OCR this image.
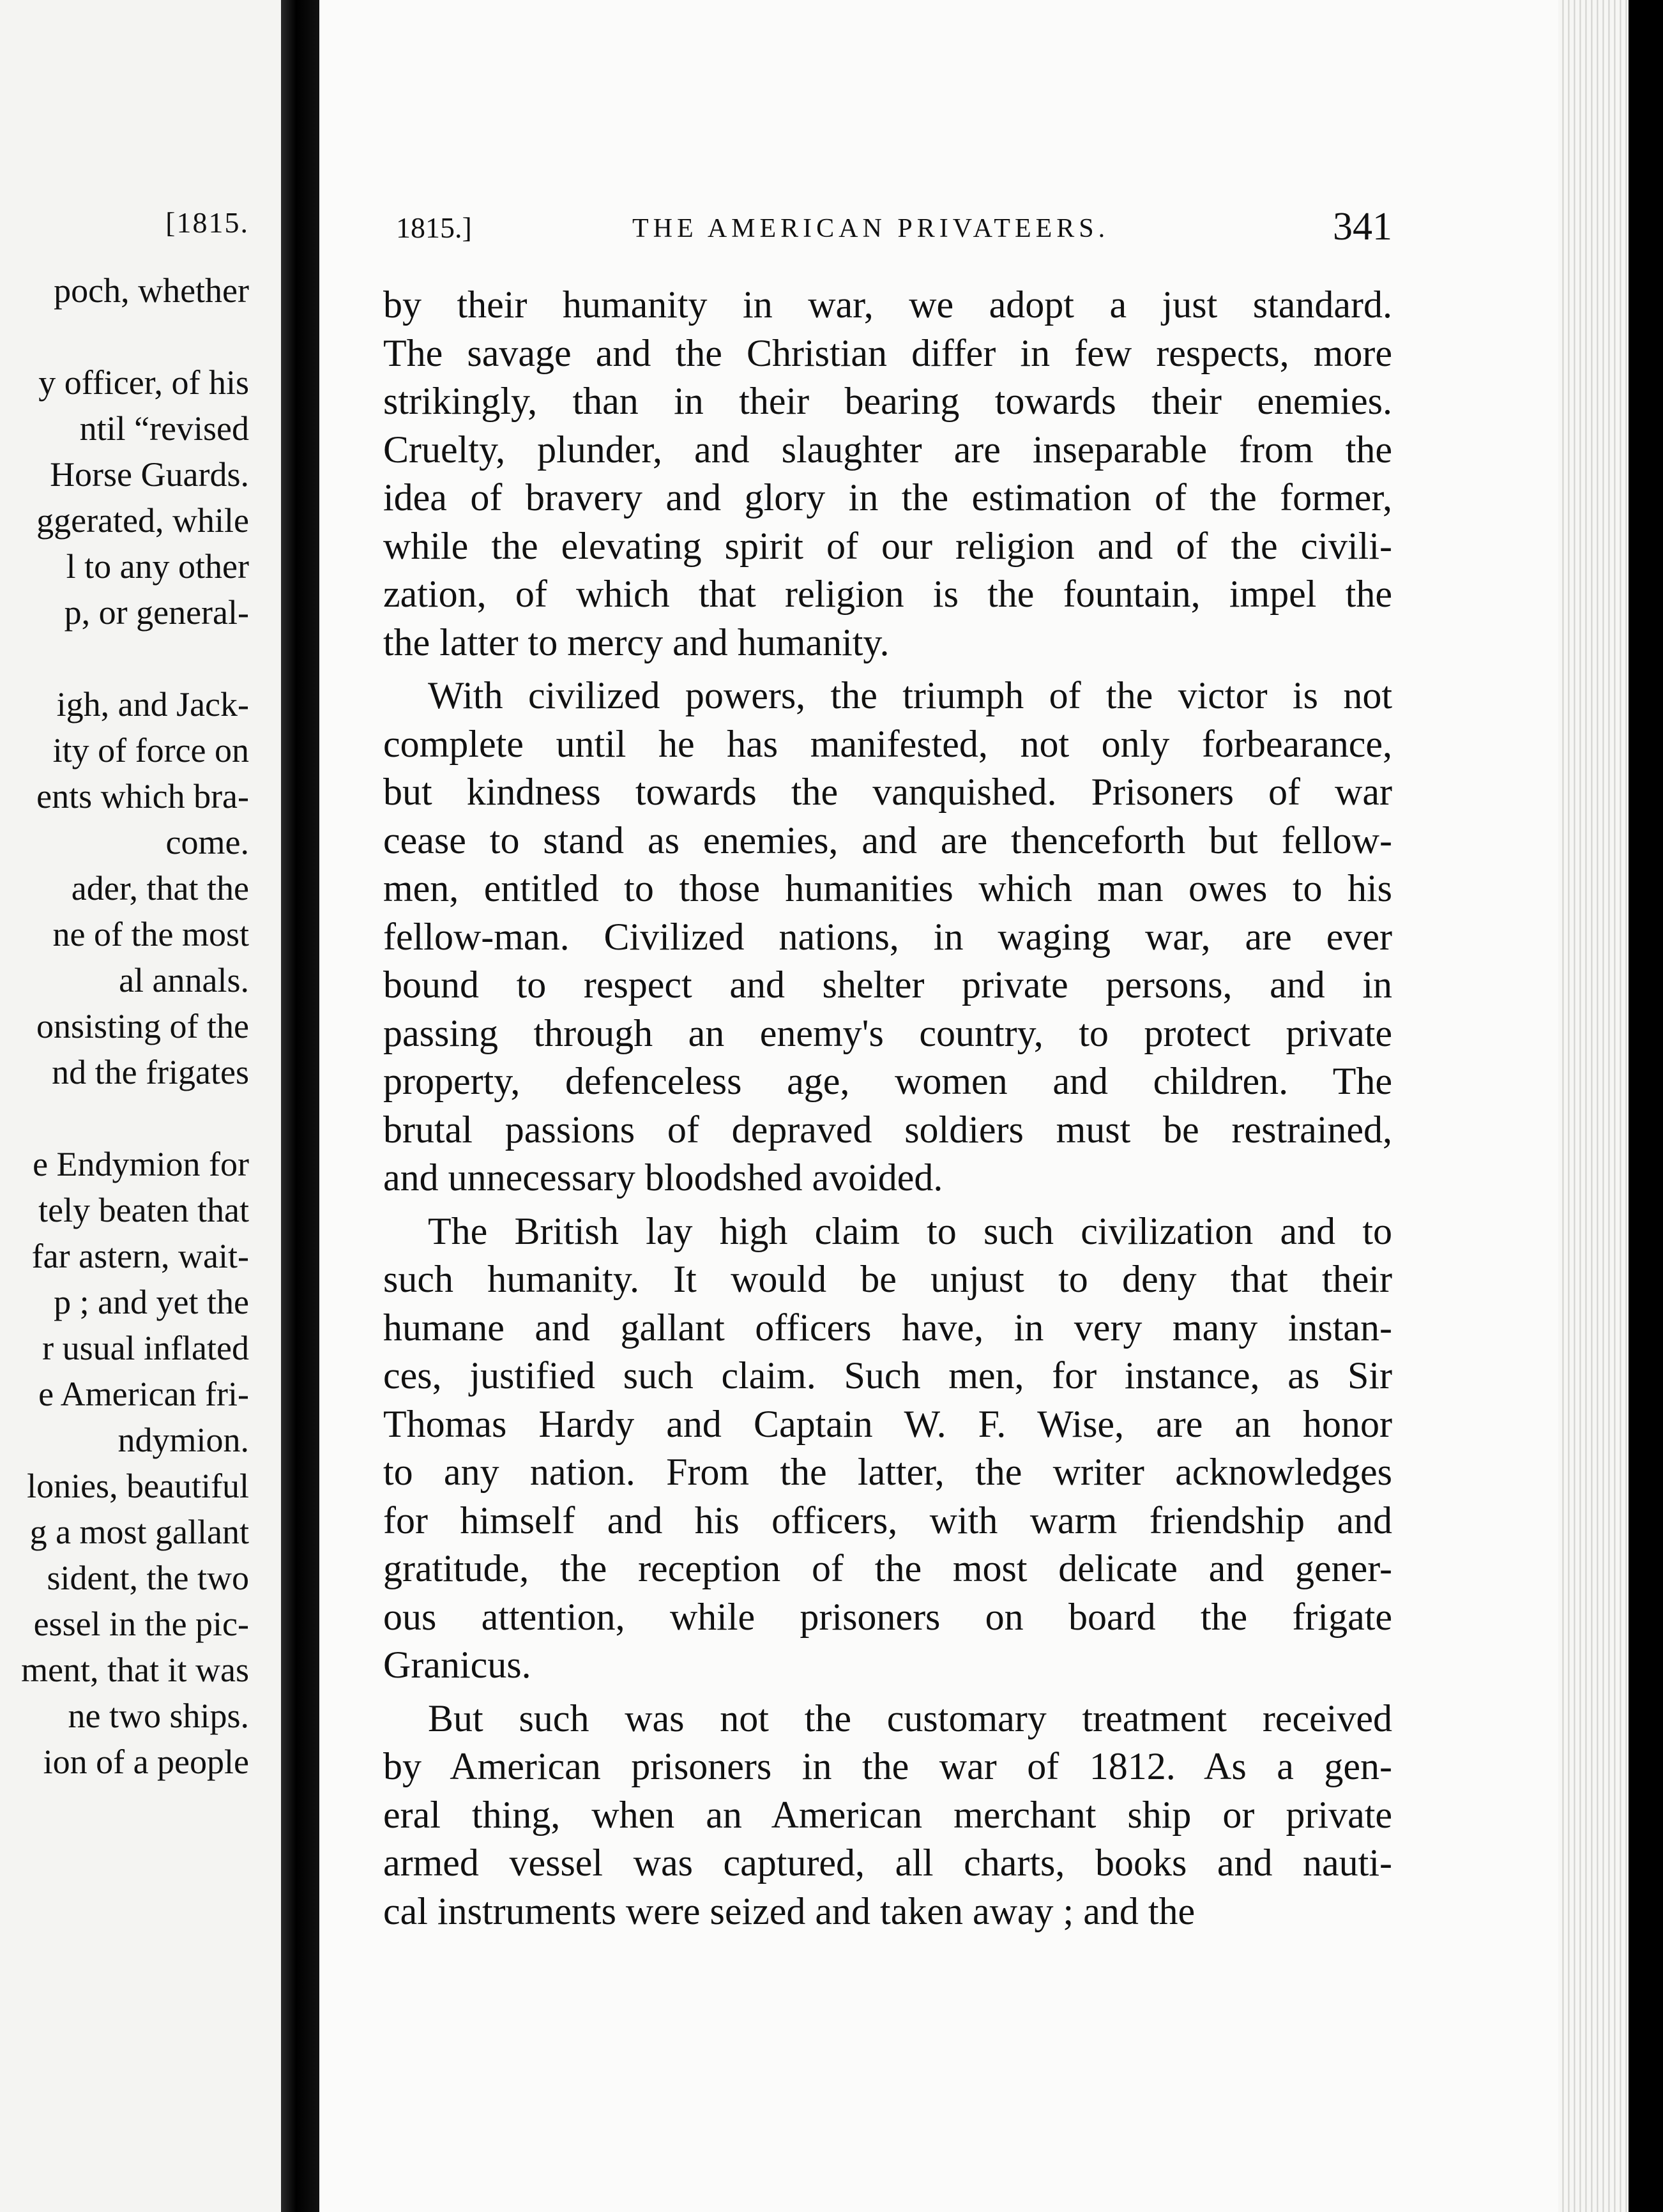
[1815.
poch, whether
y officer, of his
ntil “revised
Horse Guards.
ggerated, while
l to any other
p, or general-
igh, and Jack-
ity of force on
ents which bra-
come.
ader, that the
ne of the most
al annals.
onsisting of the
nd the frigates
e Endymion for
tely beaten that
far astern, wait-
p ; and yet the
r usual inflated
e American fri-
ndymion.
lonies, beautiful
g a most gallant
sident, the two
essel in the pic-
ment, that it was
ne two ships.
ion of a people
1815.]	THE AMERICAN PRIVATEERS.	341
by their humanity in war, we adopt a just standard.
The savage and the Christian differ in few respects, more
strikingly, than in their bearing towards their enemies.
Cruelty, plunder, and slaughter are inseparable from the
idea of bravery and glory in the estimation of the former,
while the elevating spirit of our religion and of the civili-
zation, of which that religion is the fountain, impel the
the latter to mercy and humanity.
With civilized powers, the triumph of the victor is not
complete until he has manifested, not only forbearance,
but kindness towards the vanquished. Prisoners of war
cease to stand as enemies, and are thenceforth but fellow-
men, entitled to those humanities which man owes to his
fellow-man. Civilized nations, in waging war, are ever
bound to respect and shelter private persons, and in
passing through an enemy's country, to protect private
property, defenceless age, women and children. The
brutal passions of depraved soldiers must be restrained,
and unnecessary bloodshed avoided.
The British lay high claim to such civilization and to
such humanity. It would be unjust to deny that their
humane and gallant officers have, in very many instan-
ces, justified such claim. Such men, for instance, as Sir
Thomas Hardy and Captain W. F. Wise, are an honor
to any nation. From the latter, the writer acknowledges
for himself and his officers, with warm friendship and
gratitude, the reception of the most delicate and gener-
ous attention, while prisoners on board the frigate
Granicus.
But such was not the customary treatment received
by American prisoners in the war of 1812. As a gen-
eral thing, when an American merchant ship or private
armed vessel was captured, all charts, books and nauti-
cal instruments were seized and taken away ; and the
